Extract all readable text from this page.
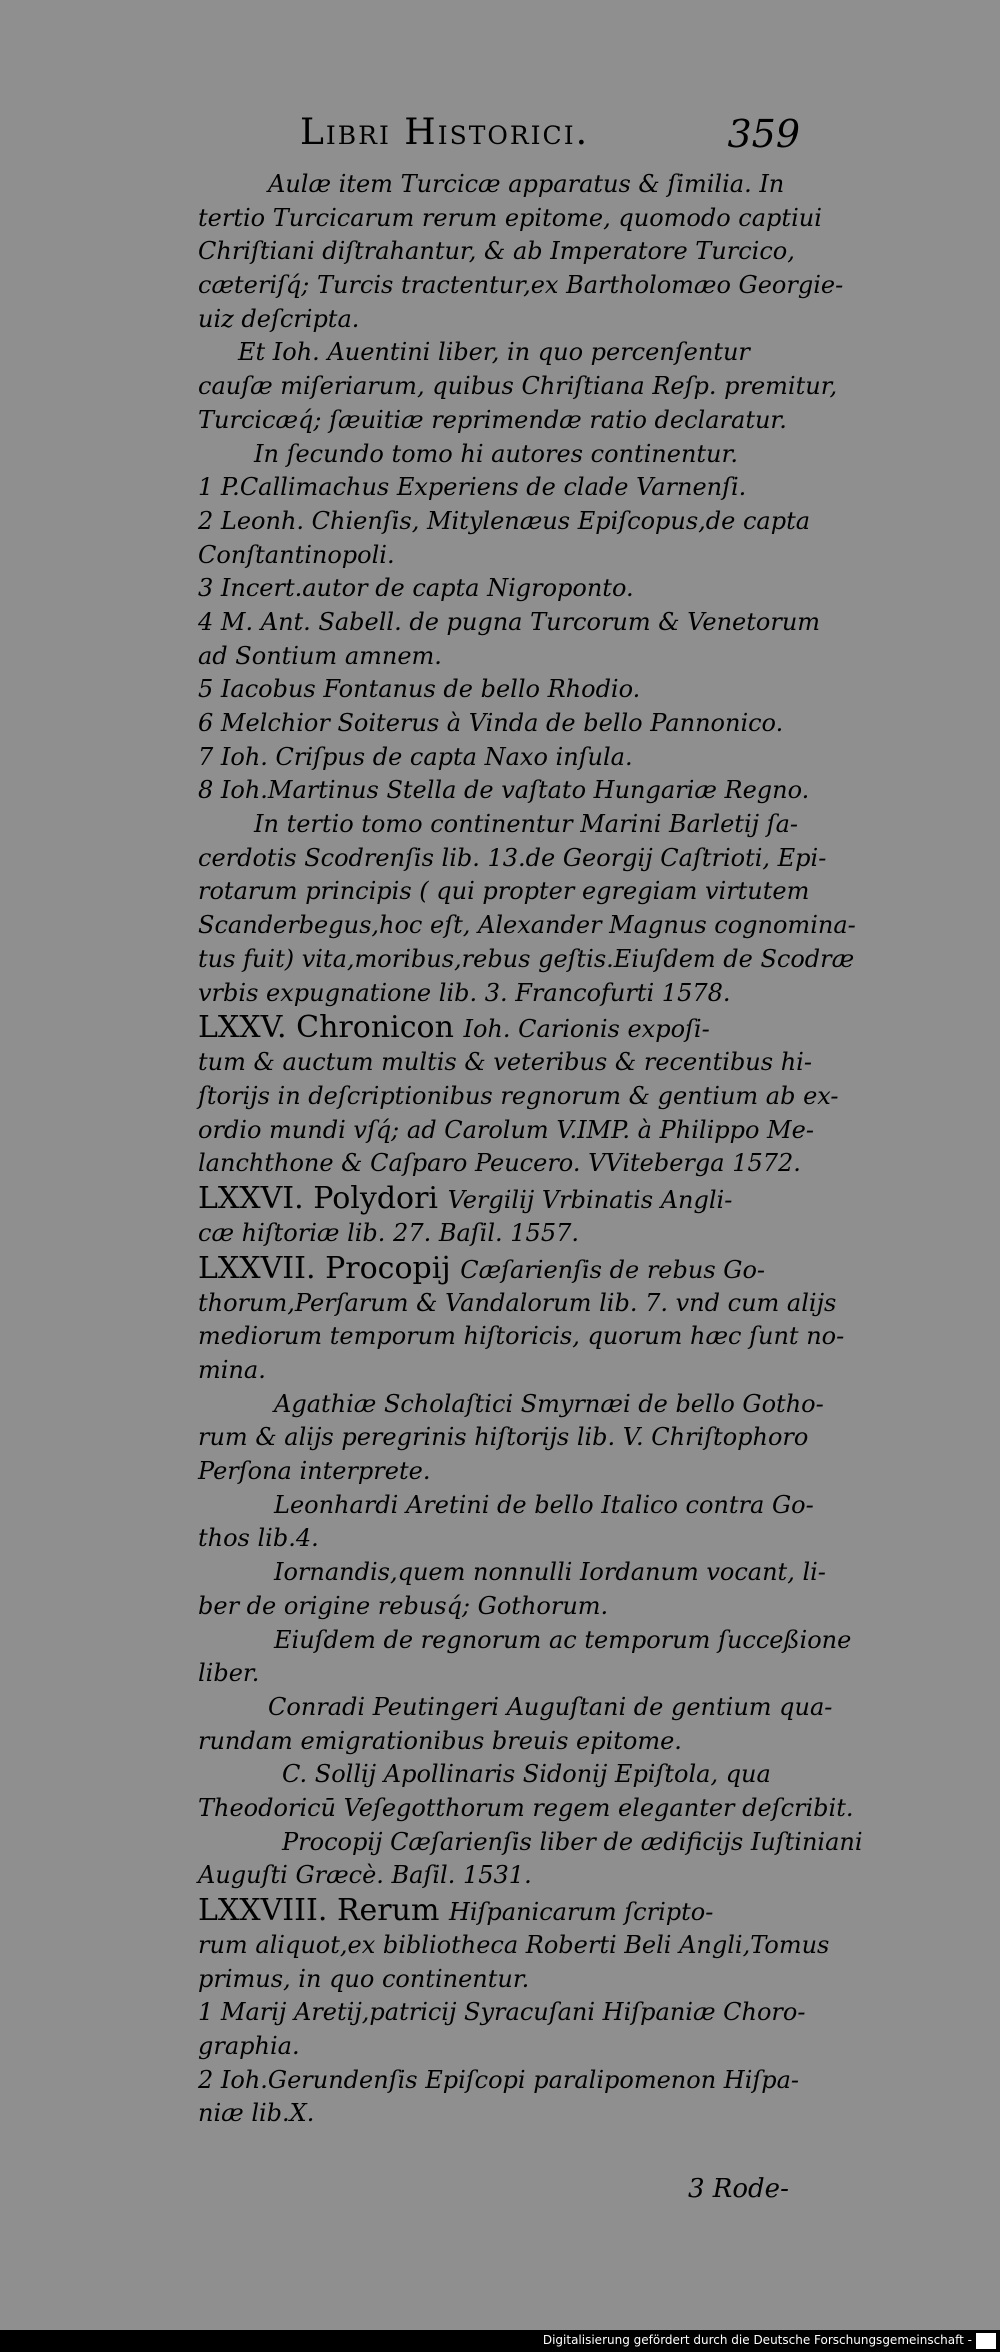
Libri Historici.	359
Aulæ item Turcicæ apparatus & ſimilia. In
tertio Turcicarum rerum epitome, quomodo captiui
Chriſtiani diſtrahantur, & ab Imperatore Turcico,
cæteriſq́; Turcis tractentur,ex Bartholomæo Georgie-
uiz deſcripta.
Et Ioh. Auentini liber, in quo percenſentur
cauſæ miſeriarum, quibus Chriſtiana Reſp. premitur,
Turcicæq́; ſæuitiæ reprimendæ ratio declaratur.
In ſecundo tomo hi autores continentur.
1 P.Callimachus Experiens de clade Varnenſi.
2 Leonh. Chienſis, Mitylenæus Epiſcopus,de capta
Conſtantinopoli.
3 Incert.autor de capta Nigroponto.
4 M. Ant. Sabell. de pugna Turcorum & Venetorum
ad Sontium amnem.
5 Iacobus Fontanus de bello Rhodio.
6 Melchior Soiterus à Vinda de bello Pannonico.
7 Ioh. Criſpus de capta Naxo inſula.
8 Ioh.Martinus Stella de vaſtato Hungariæ Regno.
In tertio tomo continentur Marini Barletij ſa-
cerdotis Scodrenſis lib. 13.de Georgij Caſtrioti, Epi-
rotarum principis ( qui propter egregiam virtutem
Scanderbegus,hoc eſt, Alexander Magnus cognomina-
tus fuit) vita,moribus,rebus geſtis.Eiuſdem de Scodræ
vrbis expugnatione lib. 3. Francofurti 1578.
LXXV. Chronicon Ioh. Carionis expoſi-
tum & auctum multis & veteribus & recentibus hi-
ſtorijs in deſcriptionibus regnorum & gentium ab ex-
ordio mundi vſq́; ad Carolum V.IMP. à Philippo Me-
lanchthone & Caſparo Peucero. VViteberga 1572.
LXXVI. Polydori Vergilij Vrbinatis Angli-
cæ hiſtoriæ lib. 27. Baſil. 1557.
LXXVII. Procopij Cæſarienſis de rebus Go-
thorum,Perſarum & Vandalorum lib. 7. vnd cum alijs
mediorum temporum hiſtoricis, quorum hæc ſunt no-
mina.
Agathiæ Scholaſtici Smyrnæi de bello Gotho-
rum & alijs peregrinis hiſtorijs lib. V. Chriſtophoro
Perſona interprete.
Leonhardi Aretini de bello Italico contra Go-
thos lib.4.
Iornandis,quem nonnulli Iordanum vocant, li-
ber de origine rebusq́; Gothorum.
Eiuſdem de regnorum ac temporum ſucceßione
liber.
Conradi Peutingeri Auguſtani de gentium qua-
rundam emigrationibus breuis epitome.
C. Sollij Apollinaris Sidonij Epiſtola, qua
Theodoricū Veſegotthorum regem eleganter deſcribit.
Procopij Cæſarienſis liber de ædificijs Iuſtiniani
Auguſti Græcè. Baſil. 1531.
LXXVIII. Rerum Hiſpanicarum ſcripto-
rum aliquot,ex bibliotheca Roberti Beli Angli,Tomus
primus, in quo continentur.
1 Marij Aretij,patricij Syracuſani Hiſpaniæ Choro-
graphia.
2 Ioh.Gerundenſis Epiſcopi paralipomenon Hiſpa-
niæ lib.X.
3 Rode-
Digitalisierung gefördert durch die Deutsche Forschungsgemeinschaft -
